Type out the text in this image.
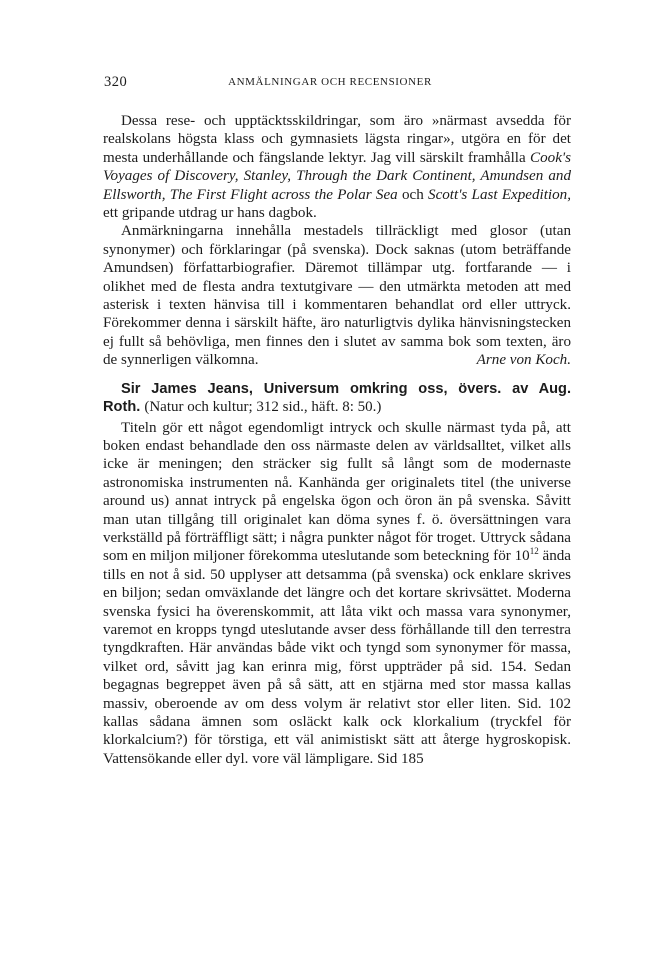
320	ANMÄLNINGAR OCH RECENSIONER

Dessa rese- och upptäcktsskildringar, som äro »närmast avsedda för realskolans högsta klass och gymnasiets lägsta ringar», utgöra en för det mesta underhållande och fängslande lektyr. Jag vill särskilt framhålla Cook's Voyages of Discovery, Stanley, Through the Dark Continent, Amundsen and Ellsworth, The First Flight across the Polar Sea och Scott's Last Expedition, ett gripande utdrag ur hans dagbok.

Anmärkningarna innehålla mestadels tillräckligt med glosor (utan synonymer) och förklaringar (på svenska). Dock saknas (utom beträffande Amundsen) författarbiografier. Däremot tillämpar utg. fortfarande — i olikhet med de flesta andra textutgivare — den utmärkta metoden att med asterisk i texten hänvisa till i kommentaren behandlat ord eller uttryck. Förekommer denna i särskilt häfte, äro naturligtvis dylika hänvisningstecken ej fullt så behövliga, men finnes den i slutet av samma bok som texten, äro de synnerligen välkomna.	Arne von Koch.

Sir James Jeans, Universum omkring oss, övers. av Aug. Roth. (Natur och kultur; 312 sid., häft. 8: 50.)

Titeln gör ett något egendomligt intryck och skulle närmast tyda på, att boken endast behandlade den oss närmaste delen av världsalltet, vilket alls icke är meningen; den sträcker sig fullt så långt som de modernaste astronomiska instrumenten nå. Kanhända ger originalets titel (the universe around us) annat intryck på engelska ögon och öron än på svenska. Såvitt man utan tillgång till originalet kan döma synes f. ö. översättningen vara verkställd på förträffligt sätt; i några punkter något för troget. Uttryck sådana som en miljon miljoner förekomma uteslutande som beteckning för $10^{12}$ ända tills en not å sid. 50 upplyser att detsamma (på svenska) ock enklare skrives en biljon; sedan omväxlande det längre och det kortare skrivsättet. Moderna svenska fysici ha överenskommit, att låta vikt och massa vara synonymer, varemot en kropps tyngd uteslutande avser dess förhållande till den terrestra tyngdkraften. Här användas både vikt och tyngd som synonymer för massa, vilket ord, såvitt jag kan erinra mig, först uppträder på sid. 154. Sedan begagnas begreppet även på så sätt, att en stjärna med stor massa kallas massiv, oberoende av om dess volym är relativt stor eller liten. Sid. 102 kallas sådana ämnen som osläckt kalk ock klorkalium (tryckfel för klorkalcium?) för törstiga, ett väl animistiskt sätt att återge hygroskopisk. Vattensökande eller dyl. vore väl lämpligare. Sid 185
